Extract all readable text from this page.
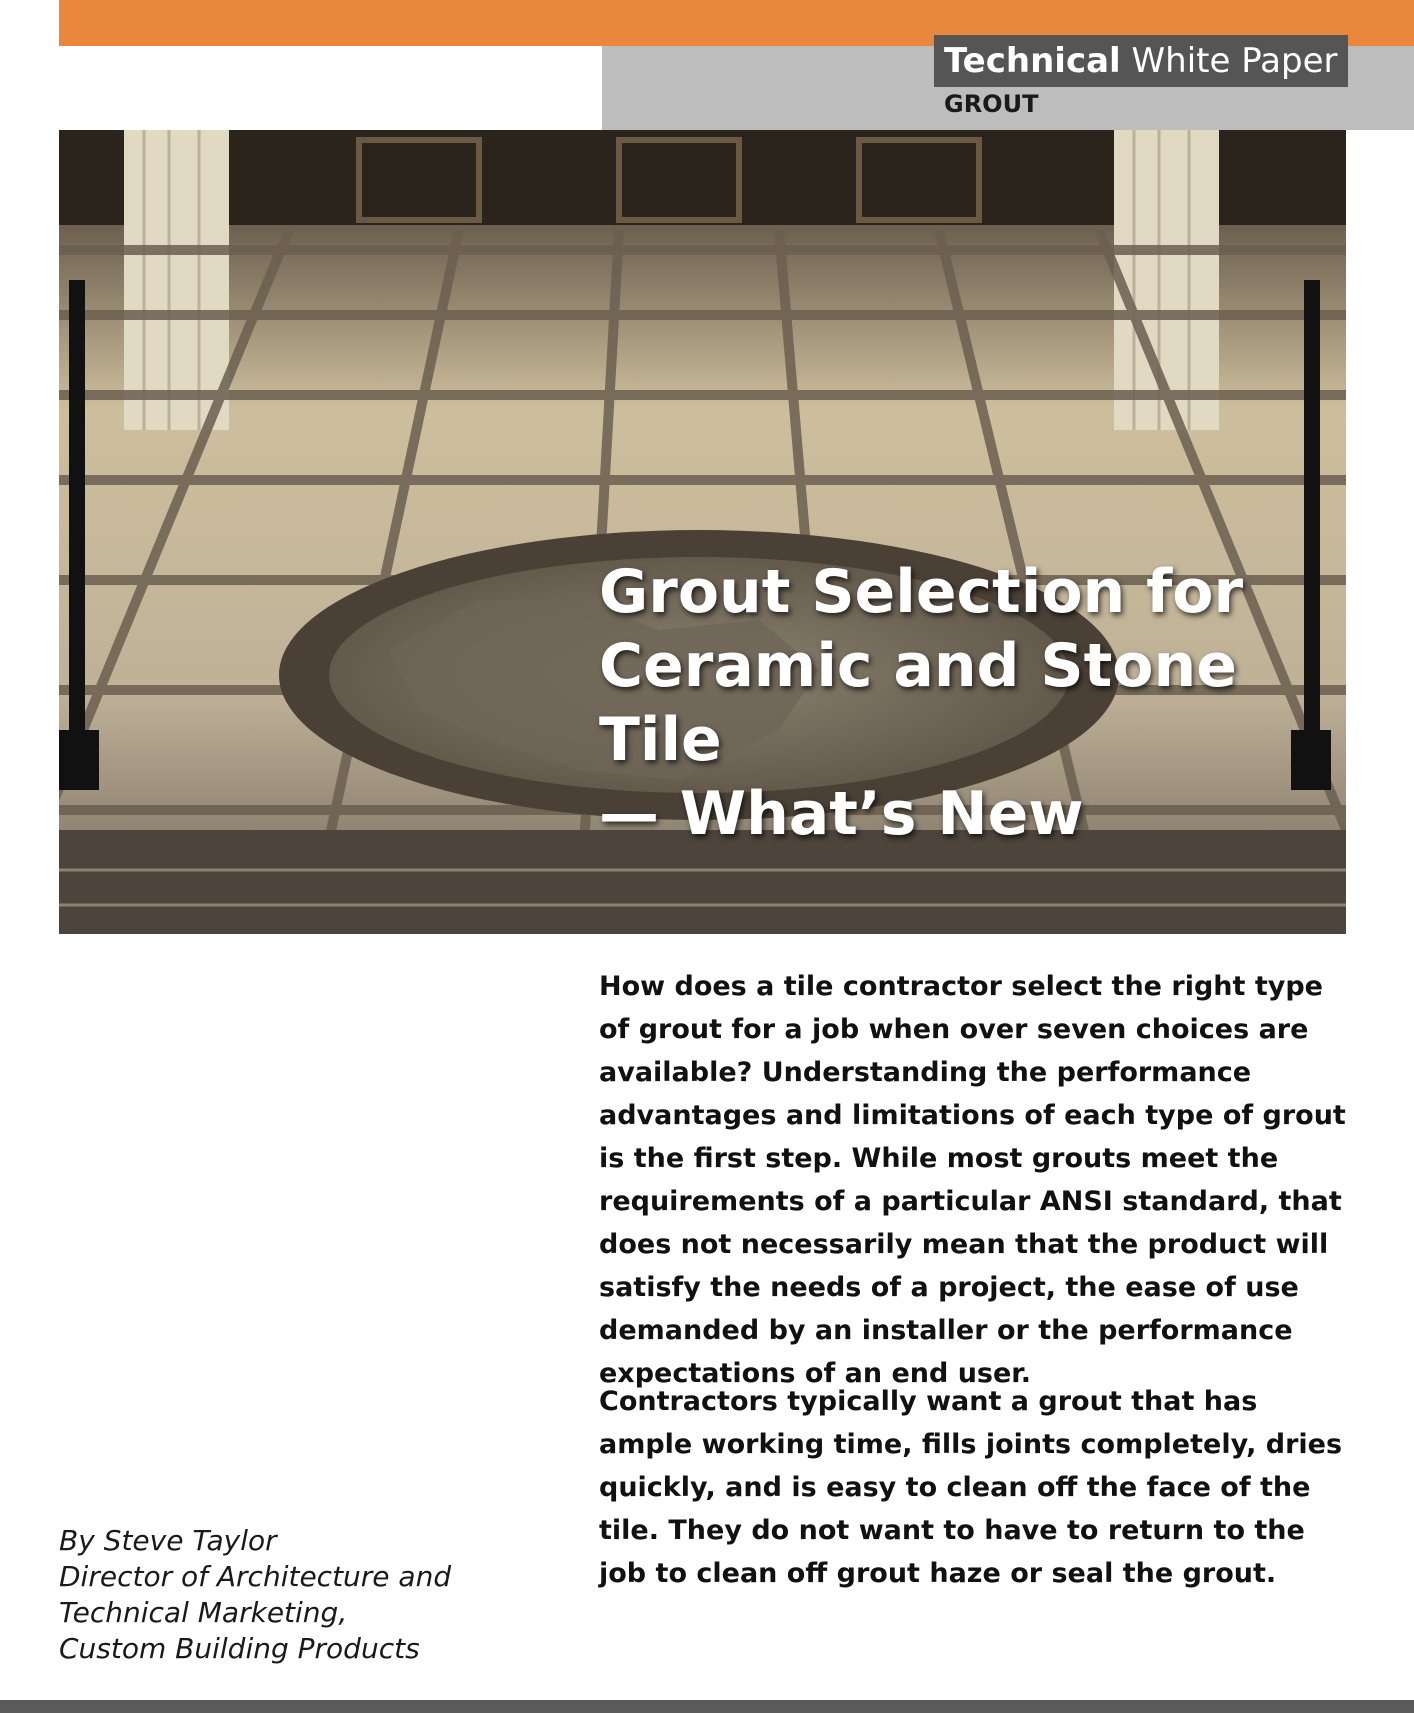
Technical White Paper
GROUT
Grout Selection for
Ceramic and Stone Tile
— What’s New

How does a tile contractor select the right type of grout for a job when over seven choices are available? Understanding the performance advantages and limitations of each type of grout is the first step. While most grouts meet the requirements of a particular ANSI standard, that does not necessarily mean that the product will satisfy the needs of a project, the ease of use demanded by an installer or the performance expectations of an end user.

Contractors typically want a grout that has ample working time, fills joints completely, dries quickly, and is easy to clean off the face of the tile. They do not want to have to return to the job to clean off grout haze or seal the grout.

By Steve Taylor
Director of Architecture and
Technical Marketing,
Custom Building Products
